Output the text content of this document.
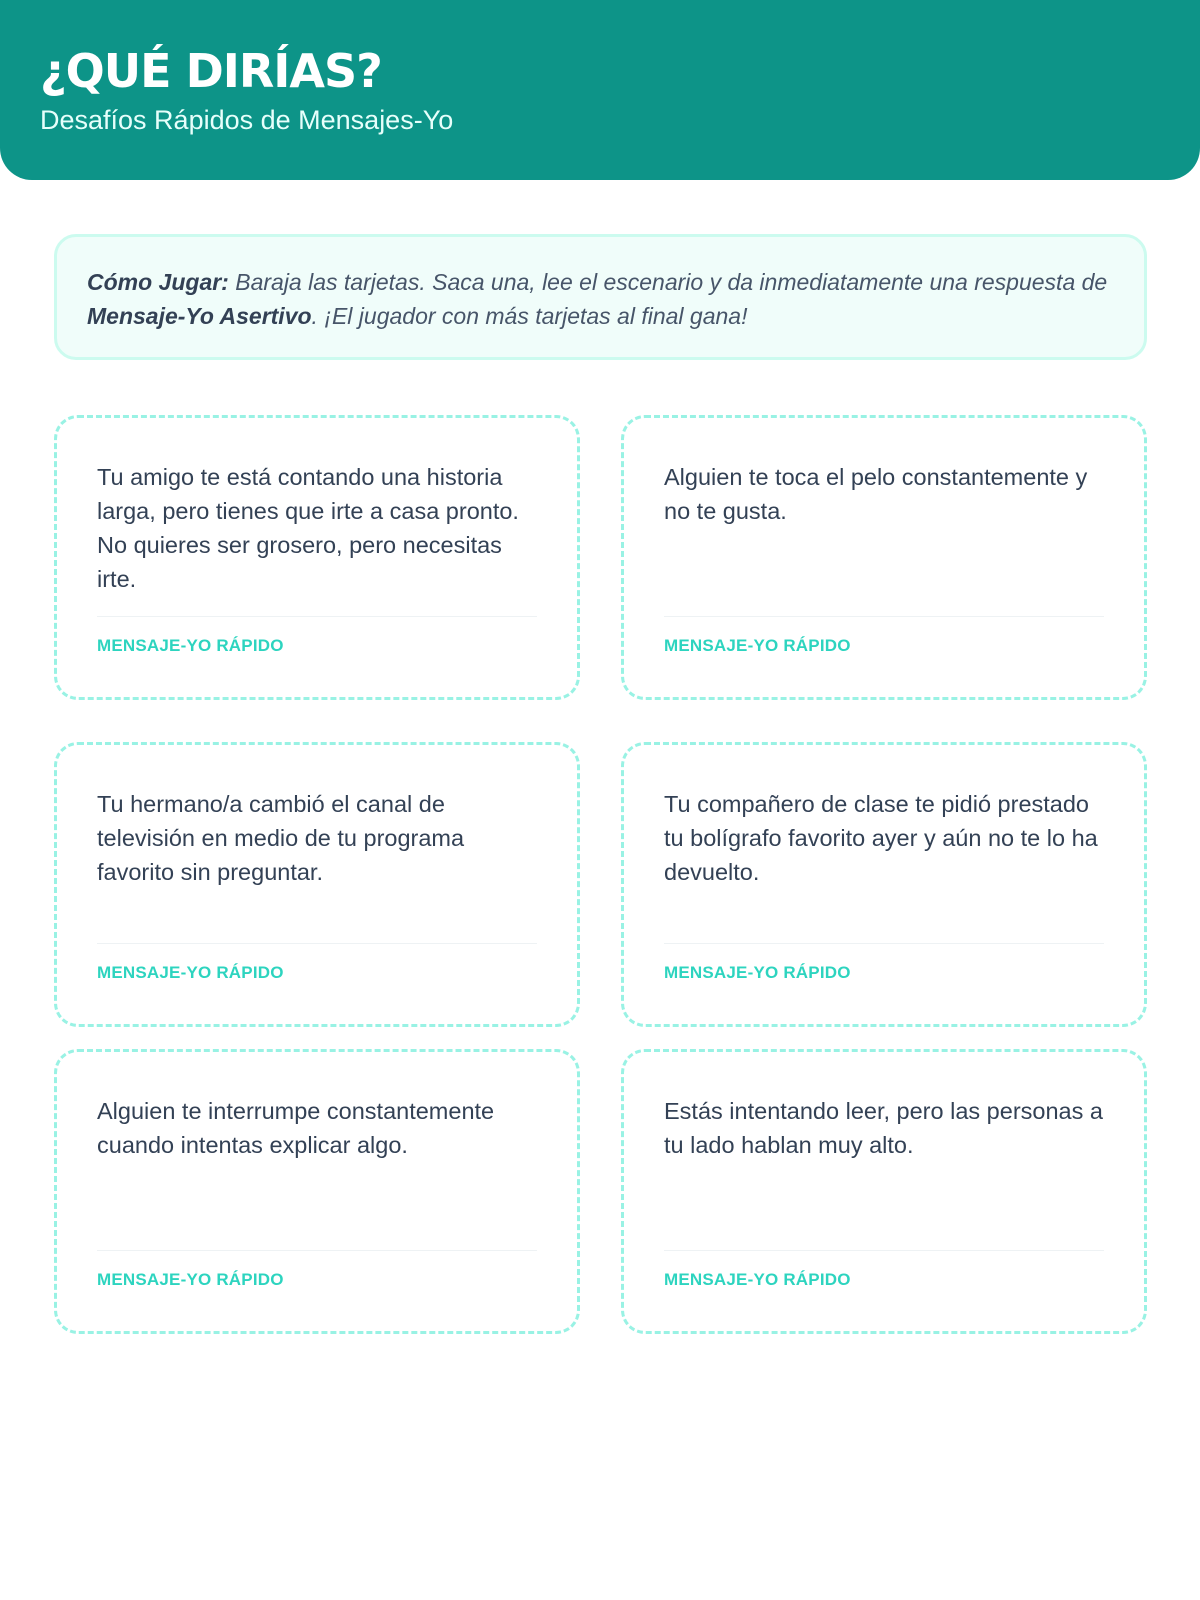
¿QUÉ DIRÍAS?
Desafíos Rápidos de Mensajes-Yo
Cómo Jugar: Baraja las tarjetas. Saca una, lee el escenario y da inmediatamente una respuesta de Mensaje-Yo Asertivo. ¡El jugador con más tarjetas al final gana!
Tu amigo te está contando una historia larga, pero tienes que irte a casa pronto. No quieres ser grosero, pero necesitas irte.
MENSAJE-YO RÁPIDO
Alguien te toca el pelo constantemente y no te gusta.
MENSAJE-YO RÁPIDO
Tu hermano/a cambió el canal de televisión en medio de tu programa favorito sin preguntar.
MENSAJE-YO RÁPIDO
Tu compañero de clase te pidió prestado tu bolígrafo favorito ayer y aún no te lo ha devuelto.
MENSAJE-YO RÁPIDO
Alguien te interrumpe constantemente cuando intentas explicar algo.
MENSAJE-YO RÁPIDO
Estás intentando leer, pero las personas a tu lado hablan muy alto.
MENSAJE-YO RÁPIDO
